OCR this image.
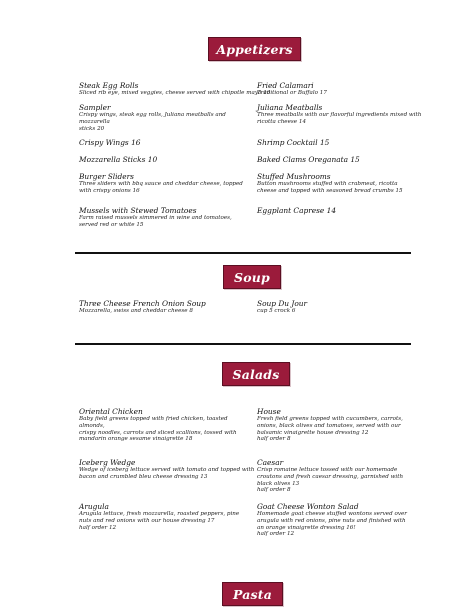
Appetizers
Steak Egg Rolls
Sliced rib eye, mixed veggies, cheese served with chipotle mayo 16
Sampler
Crispy wings, steak egg rolls, Juliana meatballs and mozzarella
sticks 20
Crispy Wings 16
Mozzarella Sticks 10
Burger Sliders
Three sliders with bbq sauce and cheddar cheese, topped
with crispy onions 16
Mussels with Stewed Tomatoes
Farm raised mussels simmered in wine and tomatoes,
served red or white 15
Fried Calamari
Traditional or Buffalo 17
Juliana Meatballs
Three meatballs with our flavorful ingredients mixed with
ricotta cheese 14
Shrimp Cocktail 15
Baked Clams Oreganata 15
Stuffed Mushrooms
Button mushrooms stuffed with crabmeat, ricotta
cheese and topped with seasoned bread crumbs 15
Eggplant Caprese 14
Soup
Three Cheese French Onion Soup
Mozzarella, swiss and cheddar cheese 8
Soup Du Jour
cup 5 crock 6
Salads
Oriental Chicken
Baby field greens topped with fried chicken, toasted almonds,
crispy noodles, carrots and sliced scallions, tossed with
mandarin orange sesame vinaigrette 18
Iceberg Wedge
Wedge of iceberg lettuce served with tomato and topped with
bacon and crumbled bleu cheese dressing 13
Arugula
Arugula lettuce, fresh mozzarella, roasted peppers, pine
nuts and red onions with our house dressing 17
half order 12
House
Fresh field greens topped with cucumbers, carrots,
onions, black olives and tomatoes, served with our
balsamic vinaigrette house dressing 12
half order 8
Caesar
Crisp romaine lettuce tossed with our homemade
croutons and fresh caesar dressing, garnished with
black olives 13
half order 8
Goat Cheese Wonton Salad
Homemade goat cheese stuffed wontons served over
arugula with red onions, pine nuts and finished with
an orange vinaigrette dressing 16!
half order 12
Pasta
